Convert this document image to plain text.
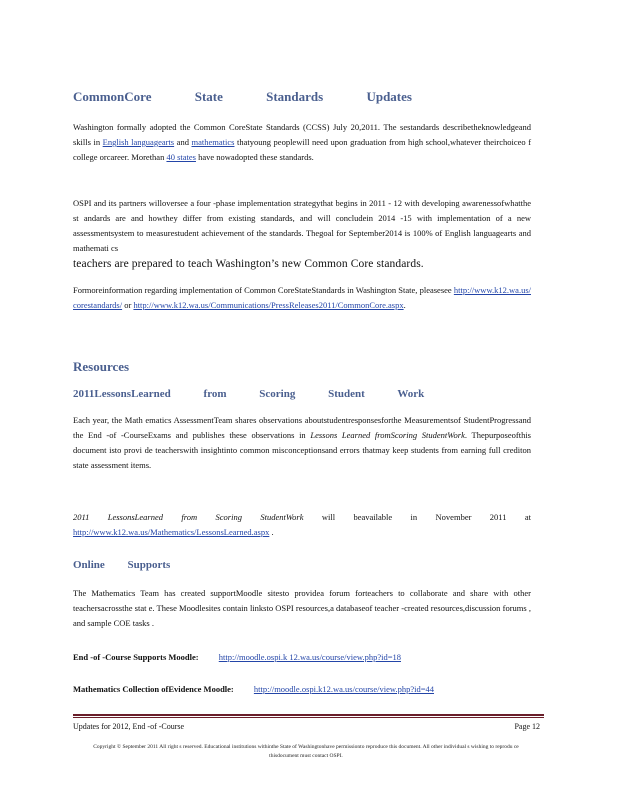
CommonCore State Standards Updates
Washington formally adopted the Common CoreState Standards (CCSS) July 20,2011. The sestandards describetheknowledgeand skills in English languagearts and mathematics thatyoung peoplewill need upon graduation from high school,whatever theirchoiceo f college orcareer. Morethan 40 states have nowadopted these standards.
OSPI and its partners willoversee a four -phase implementation strategythat begins in 2011 - 12 with developing awarenessofwhatthe st andards are and howthey differ from existing standards, and will concludein 2014 -15 with implementation of a new assessmentsystem to measurestudent achievement of the standards. Thegoal for September2014 is 100% of English languagearts and mathemati cs
teachers are prepared to teach Washington’s new Common Core standards.
Formoreinformation regarding implementation of Common CoreStateStandards in Washington State, pleasesee http://www.k12.wa.us/ corestandards/ or http://www.k12.wa.us/Communications/PressReleases2011/CommonCore.aspx.
Resources
2011LessonsLearned from Scoring Student Work
Each year, the Math ematics AssessmentTeam shares observations aboutstudentresponsesforthe Measurementsof StudentProgressand the End -of -CourseExams and publishes these observations in Lessons Learned fromScoring StudentWork. Thepurposeofthis document isto provi de teacherswith insightinto common misconceptionsand errors thatmay keep students from earning full crediton state assessment items.
2011 LessonsLearned from Scoring StudentWork will beavailable in November 2011 at http://www.k12.wa.us/Mathematics/LessonsLearned.aspx .
Online Supports
The Mathematics Team has created supportMoodle sitesto providea forum forteachers to collaborate and share with other teachersacrossthe stat e. These Moodlesites contain linksto OSPI resources,a databaseof teacher -created resources,discussion forums , and sample COE tasks .
End -of -Course Supports Moodle: http://moodle.ospi.k 12.wa.us/course/view.php?id=18
Mathematics Collection ofEvidence Moodle: http://moodle.ospi.k12.wa.us/course/view.php?id=44
Updates for 2012, End -of -Course	Page 12
Copyright © September 2011 All right s reserved. Educational institutions withinthe State of Washingtonhave permissionto reproduce this document. All other individual s wishing to reprodu ce thisdocument must contact OSPI.
